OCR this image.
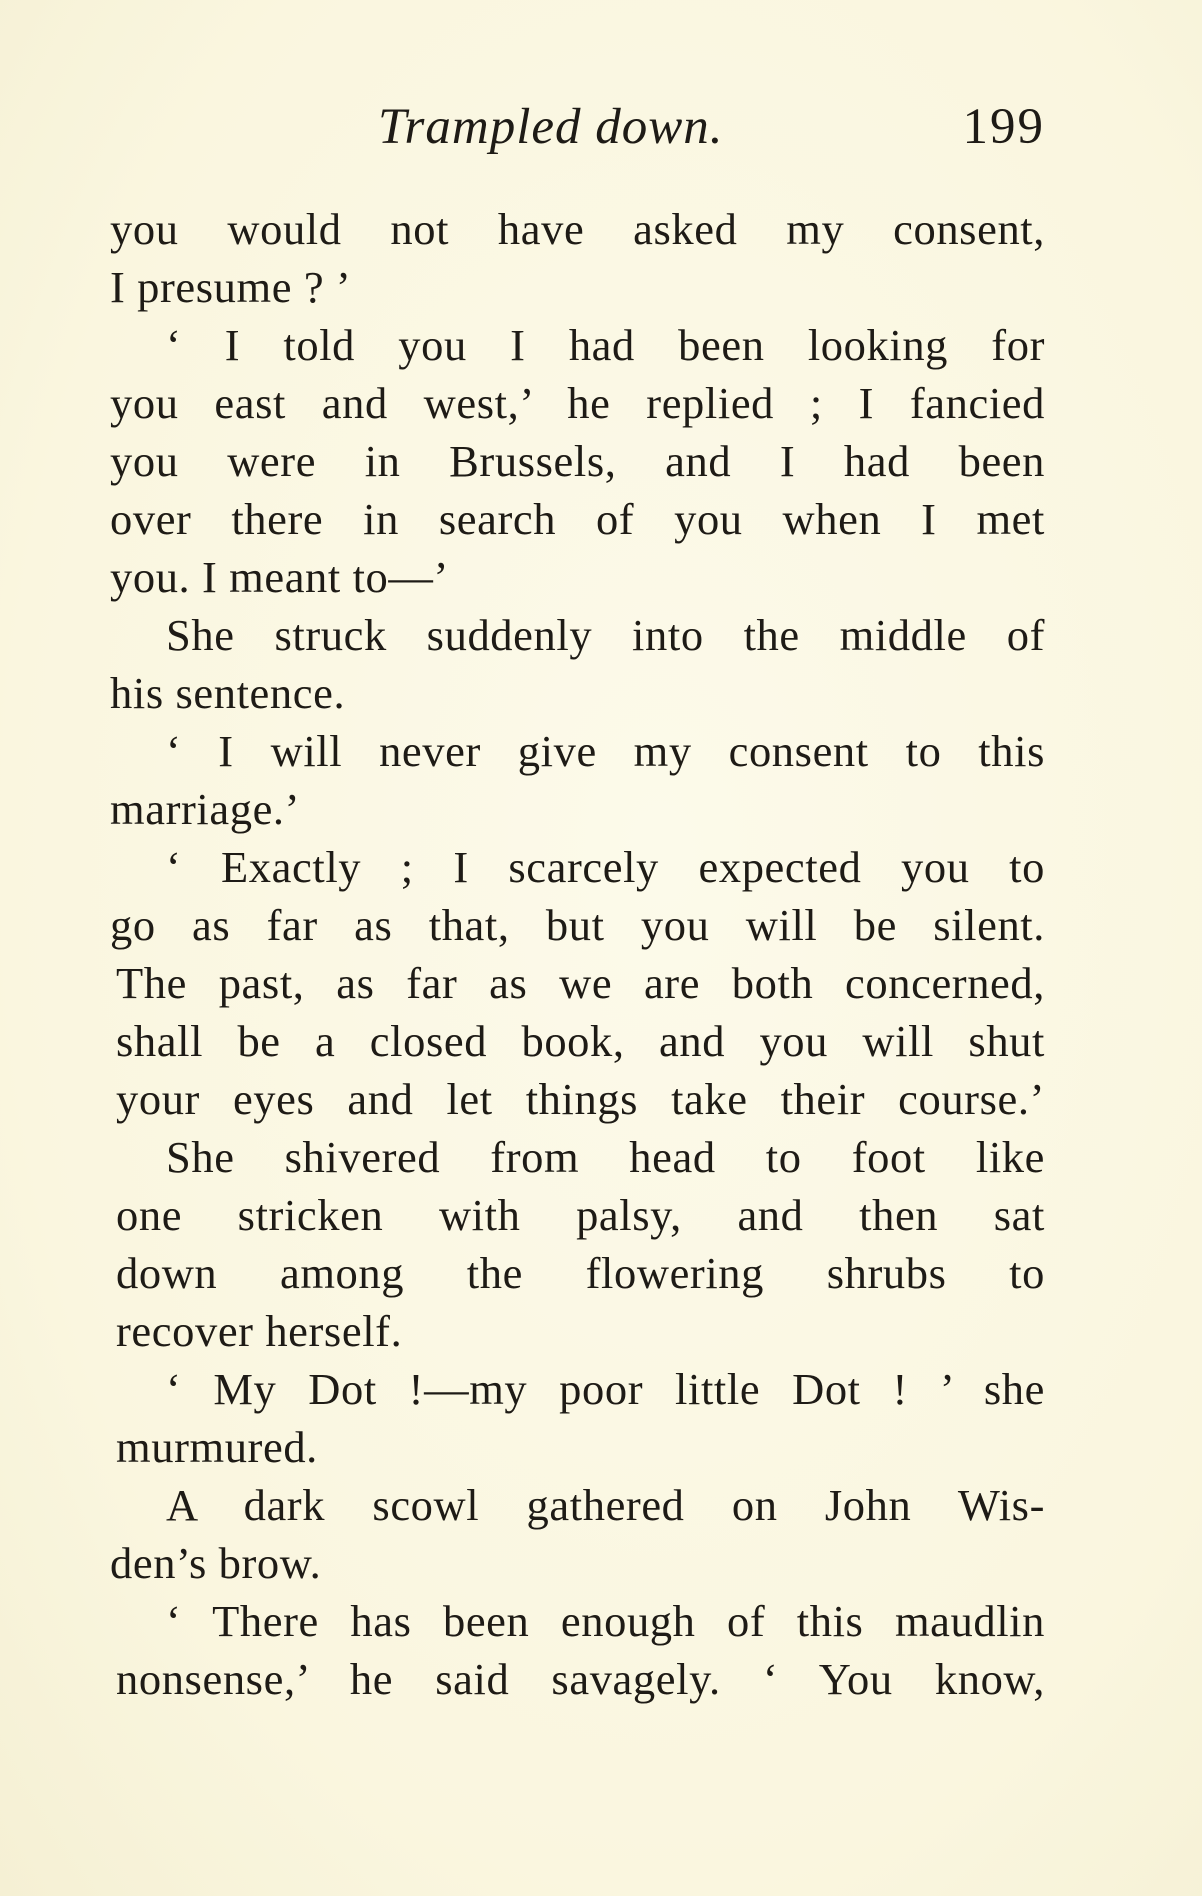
Trampled down.	199
you would not have asked my consent,
I presume ? ’
‘ I told you I had been looking for
you east and west,’ he replied ; I fancied
you were in Brussels, and I had been
over there in search of you when I met
you. I meant to—’
She struck suddenly into the middle of
his sentence.
‘ I will never give my consent to this
marriage.’
‘ Exactly ; I scarcely expected you to
go as far as that, but you will be silent.
The past, as far as we are both concerned,
shall be a closed book, and you will shut
your eyes and let things take their course.’
She shivered from head to foot like
one stricken with palsy, and then sat
down among the flowering shrubs to
recover herself.
‘ My Dot !—my poor little Dot ! ’ she
murmured.
A dark scowl gathered on John Wis-
den’s brow.
‘ There has been enough of this maudlin
nonsense,’ he said savagely. ‘ You know,
